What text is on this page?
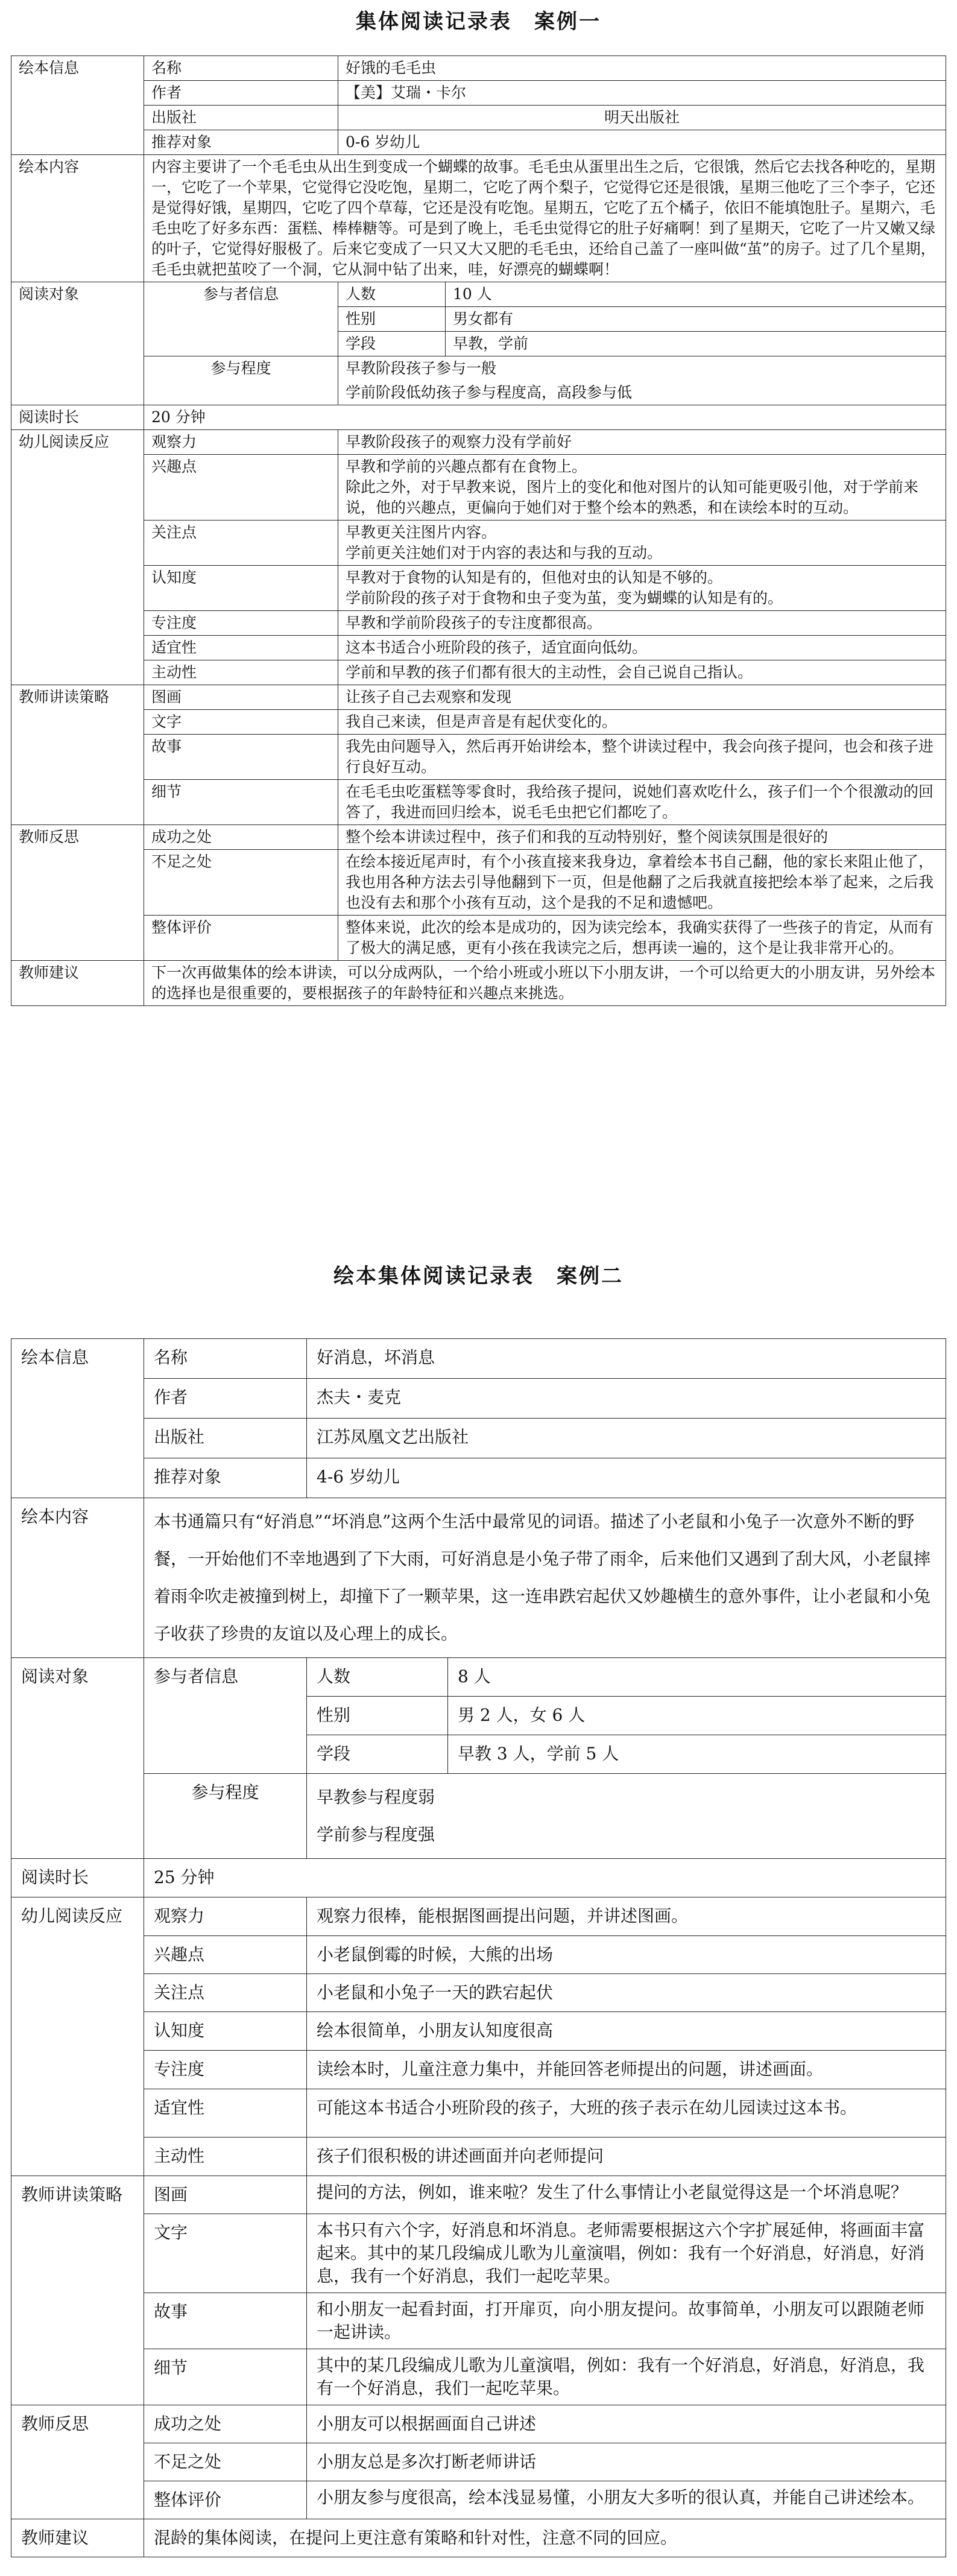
集体阅读记录表　案例一
绘本信息	名称	好饿的毛毛虫	
	作者	【美】艾瑞・卡尔	
	出版社	明天出版社	
	推荐对象	0-6 岁幼儿	
绘本内容	内容主要讲了一个毛毛虫从出生到变成一个蝴蝶的故事。毛毛虫从蛋里出生之后，它很饿，然后它去找各种吃的，星期一，它吃了一个苹果，它觉得它没吃饱，星期二，它吃了两个梨子，它觉得它还是很饿，星期三他吃了三个李子，它还是觉得好饿，星期四，它吃了四个草莓，它还是没有吃饱。星期五，它吃了五个橘子，依旧不能填饱肚子。星期六，毛毛虫吃了好多东西：蛋糕、棒棒糖等。可是到了晚上，毛毛虫觉得它的肚子好痛啊！到了星期天，它吃了一片又嫩又绿的叶子，它觉得好服极了。后来它变成了一只又大又肥的毛毛虫，还给自己盖了一座叫做“茧”的房子。过了几个星期，毛毛虫就把茧咬了一个洞，它从洞中钻了出来，哇，好漂亮的蝴蝶啊！		
阅读对象	参与者信息	人数	10 人
		性别	男女都有
		学段	早教，学前
	参与程度	早教阶段孩子参与一般	
		学前阶段低幼孩子参与程度高，高段参与低	
阅读时长	20 分钟		
幼儿阅读反应	观察力	早教阶段孩子的观察力没有学前好	
	兴趣点	早教和学前的兴趣点都有在食物上。
除此之外，对于早教来说，图片上的变化和他对图片的认知可能更吸引他，对于学前来说，他的兴趣点，更偏向于她们对于整个绘本的熟悉，和在读绘本时的互动。	

	关注点	早教更关注图片内容。
学前更关注她们对于内容的表达和与我的互动。	

	认知度	早教对于食物的认知是有的，但他对虫的认知是不够的。
学前阶段的孩子对于食物和虫子变为茧，变为蝴蝶的认知是有的。	

	专注度	早教和学前阶段孩子的专注度都很高。	
	适宜性	这本书适合小班阶段的孩子，适宜面向低幼。	
	主动性	学前和早教的孩子们都有很大的主动性，会自己说自己指认。	
教师讲读策略	图画	让孩子自己去观察和发现	
	文字	我自己来读，但是声音是有起伏变化的。	
	故事	我先由问题导入，然后再开始讲绘本，整个讲读过程中，我会向孩子提问，也会和孩子进行良好互动。	
	细节	在毛毛虫吃蛋糕等零食时，我给孩子提问，说她们喜欢吃什么，孩子们一个个很激动的回答了，我进而回归绘本，说毛毛虫把它们都吃了。	
教师反思	成功之处	整个绘本讲读过程中，孩子们和我的互动特别好，整个阅读氛围是很好的	
	不足之处	在绘本接近尾声时，有个小孩直接来我身边，拿着绘本书自己翻，他的家长来阻止他了，我也用各种方法去引导他翻到下一页，但是他翻了之后我就直接把绘本举了起来，之后我也没有去和那个小孩有互动，这个是我的不足和遗憾吧。	
	整体评价	整体来说，此次的绘本是成功的，因为读完绘本，我确实获得了一些孩子的肯定，从而有了极大的满足感，更有小孩在我读完之后，想再读一遍的，这个是让我非常开心的。	
教师建议	下一次再做集体的绘本讲读，可以分成两队，一个给小班或小班以下小朋友讲，一个可以给更大的小朋友讲，另外绘本的选择也是很重要的，要根据孩子的年龄特征和兴趣点来挑选。		
绘本集体阅读记录表　案例二
绘本信息	名称	好消息，坏消息	
	作者	杰夫・麦克	
	出版社	江苏凤凰文艺出版社	
	推荐对象	4-6 岁幼儿	
绘本内容	本书通篇只有“好消息”“坏消息”这两个生活中最常见的词语。描述了小老鼠和小兔子一次意外不断的野餐，一开始他们不幸地遇到了下大雨，可好消息是小兔子带了雨伞，后来他们又遇到了刮大风，小老鼠摔着雨伞吹走被撞到树上，却撞下了一颗苹果，这一连串跌宕起伏又妙趣横生的意外事件，让小老鼠和小兔子收获了珍贵的友谊以及心理上的成长。		
阅读对象	参与者信息	人数	8 人
		性别	男 2 人，女 6 人
		学段	早教 3 人，学前 5 人
	参与程度	早教参与程度弱
学前参与程度强	

阅读时长	25 分钟		
幼儿阅读反应	观察力	观察力很棒，能根据图画提出问题，并讲述图画。	
	兴趣点	小老鼠倒霉的时候，大熊的出场	
	关注点	小老鼠和小兔子一天的跌宕起伏	
	认知度	绘本很简单，小朋友认知度很高	
	专注度	读绘本时，儿童注意力集中，并能回答老师提出的问题，讲述画面。	
	适宜性	可能这本书适合小班阶段的孩子，大班的孩子表示在幼儿园读过这本书。	
	主动性	孩子们很积极的讲述画面并向老师提问	
教师讲读策略	图画	提问的方法，例如，谁来啦？发生了什么事情让小老鼠觉得这是一个坏消息呢？	
	文字	本书只有六个字，好消息和坏消息。老师需要根据这六个字扩展延伸，将画面丰富起来。其中的某几段编成儿歌为儿童演唱，例如：我有一个好消息，好消息，好消息，我有一个好消息，我们一起吃苹果。	
	故事	和小朋友一起看封面，打开扉页，向小朋友提问。故事简单，小朋友可以跟随老师一起讲读。	
	细节	其中的某几段编成儿歌为儿童演唱，例如：我有一个好消息，好消息，好消息，我有一个好消息，我们一起吃苹果。	
教师反思	成功之处	小朋友可以根据画面自己讲述	
	不足之处	小朋友总是多次打断老师讲话	
	整体评价	小朋友参与度很高，绘本浅显易懂，小朋友大多听的很认真，并能自己讲述绘本。	
教师建议	混龄的集体阅读，在提问上更注意有策略和针对性，注意不同的回应。		
